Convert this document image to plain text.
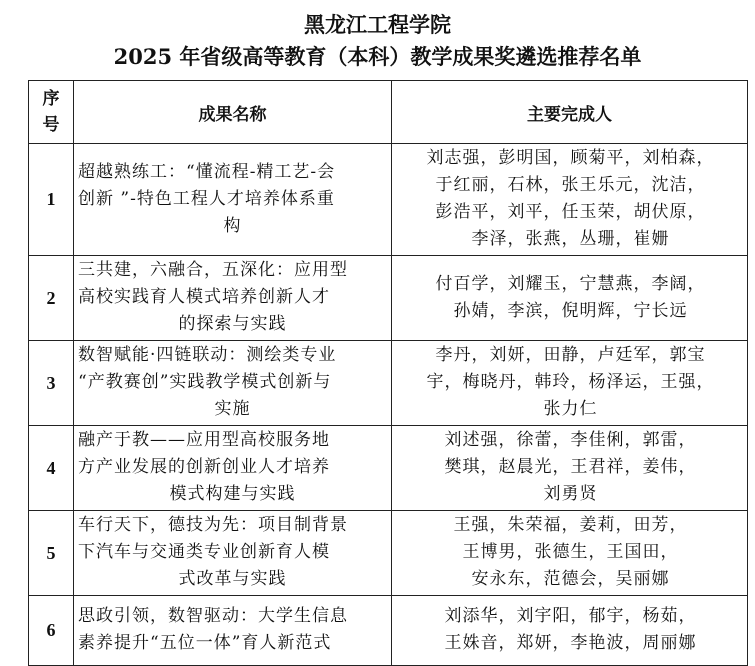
黑龙江工程学院
2025 年省级高等教育（本科）教学成果奖遴选推荐名单
序
号	成果名称	主要完成人
1	超越熟练工：“懂流程-精工艺-会
创新 ”-特色工程人才培养体系重
构	刘志强，彭明国，顾菊平，刘柏森，
于红丽，石林，张王乐元，沈洁，
彭浩平，刘平，任玉荣，胡伏原，
李泽，张燕，丛珊，崔姗

2	三共建，六融合，五深化：应用型
高校实践育人模式培养创新人才
的探索与实践	付百学，刘耀玉，宁慧燕，李阔，
孙婧，李滨，倪明辉，宁长远

3	数智赋能·四链联动：测绘类专业
“产教赛创”实践教学模式创新与
实施	李丹，刘妍，田静，卢廷军，郭宝
宇，梅晓丹，韩玲，杨泽运，王强，
张力仁

4	融产于教——应用型高校服务地
方产业发展的创新创业人才培养
模式构建与实践	刘述强，徐蕾，李佳俐，郭雷，
樊琪，赵晨光，王君祥，姜伟，
刘勇贤

5	车行天下，德技为先：项目制背景
下汽车与交通类专业创新育人模
式改革与实践	王强，朱荣福，姜莉，田芳，
王博男，张德生，王国田，
安永东，范德会，吴丽娜

6	思政引领，数智驱动：大学生信息
素养提升“五位一体”育人新范式	刘添华，刘宇阳，郁宇，杨茹，
王姝音，郑妍，李艳波，周丽娜
